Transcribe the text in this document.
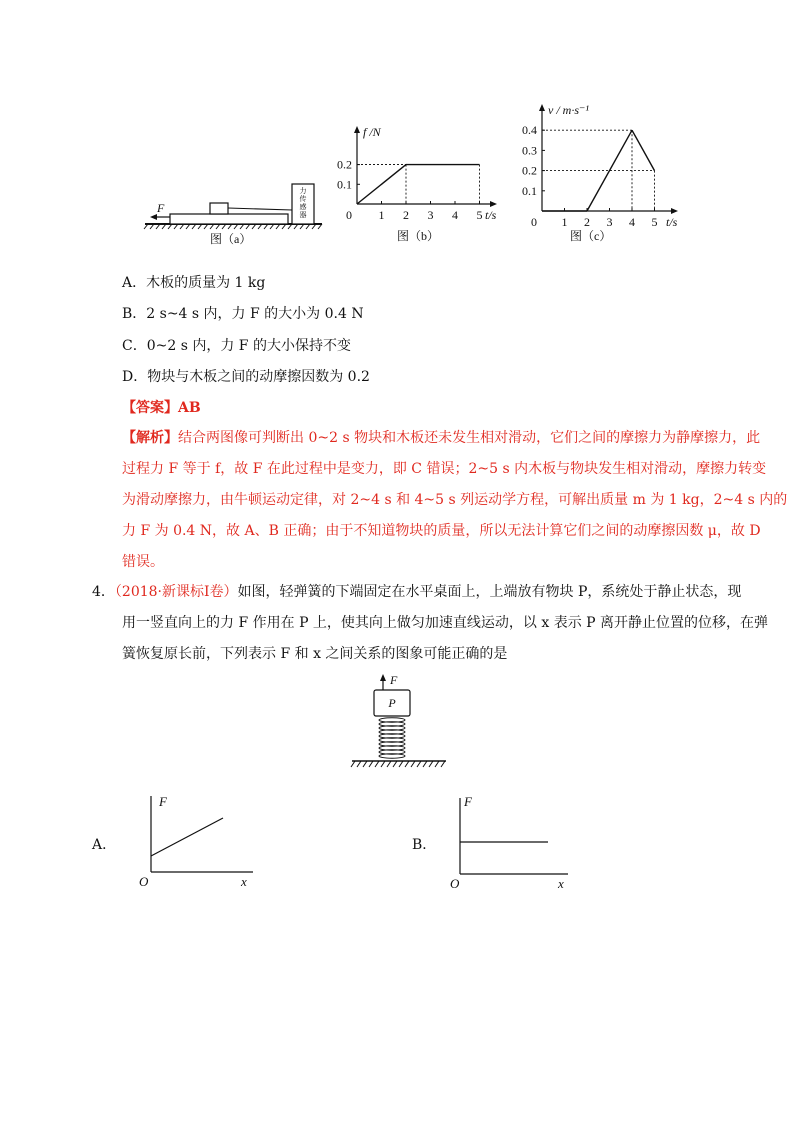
力
传
感
器
F
图（a）
1 2 3 4 5
0.1
0.2
0	t/s
f /N
图（b）
1 2 3 4 5
0.1
0.2
0.3
0.4
0	t/s
v / m·s⁻¹
图（c）
A．木板的质量为 1 kg
B．2 s~4 s 内，力 F 的大小为 0.4 N
C．0~2 s 内，力 F 的大小保持不变
D．物块与木板之间的动摩擦因数为 0.2
【答案】AB
【解析】结合两图像可判断出 0~2 s 物块和木板还未发生相对滑动，它们之间的摩擦力为静摩擦力，此
过程力 F 等于 f，故 F 在此过程中是变力，即 C 错误；2~5 s 内木板与物块发生相对滑动，摩擦力转变
为滑动摩擦力，由牛顿运动定律，对 2~4 s 和 4~5 s 列运动学方程，可解出质量 m 为 1 kg，2~4 s 内的
力 F 为 0.4 N，故 A、B 正确；由于不知道物块的质量，所以无法计算它们之间的动摩擦因数 μ，故 D
错误。
4．（2018·新课标Ⅰ卷）如图，轻弹簧的下端固定在水平桌面上，上端放有物块 P，系统处于静止状态，现
用一竖直向上的力 F 作用在 P 上，使其向上做匀加速直线运动，以 x 表示 P 离开静止位置的位移，在弹
簧恢复原长前，下列表示 F 和 x 之间关系的图象可能正确的是
F
P
A．
F
x
O
B．
F
x
O
